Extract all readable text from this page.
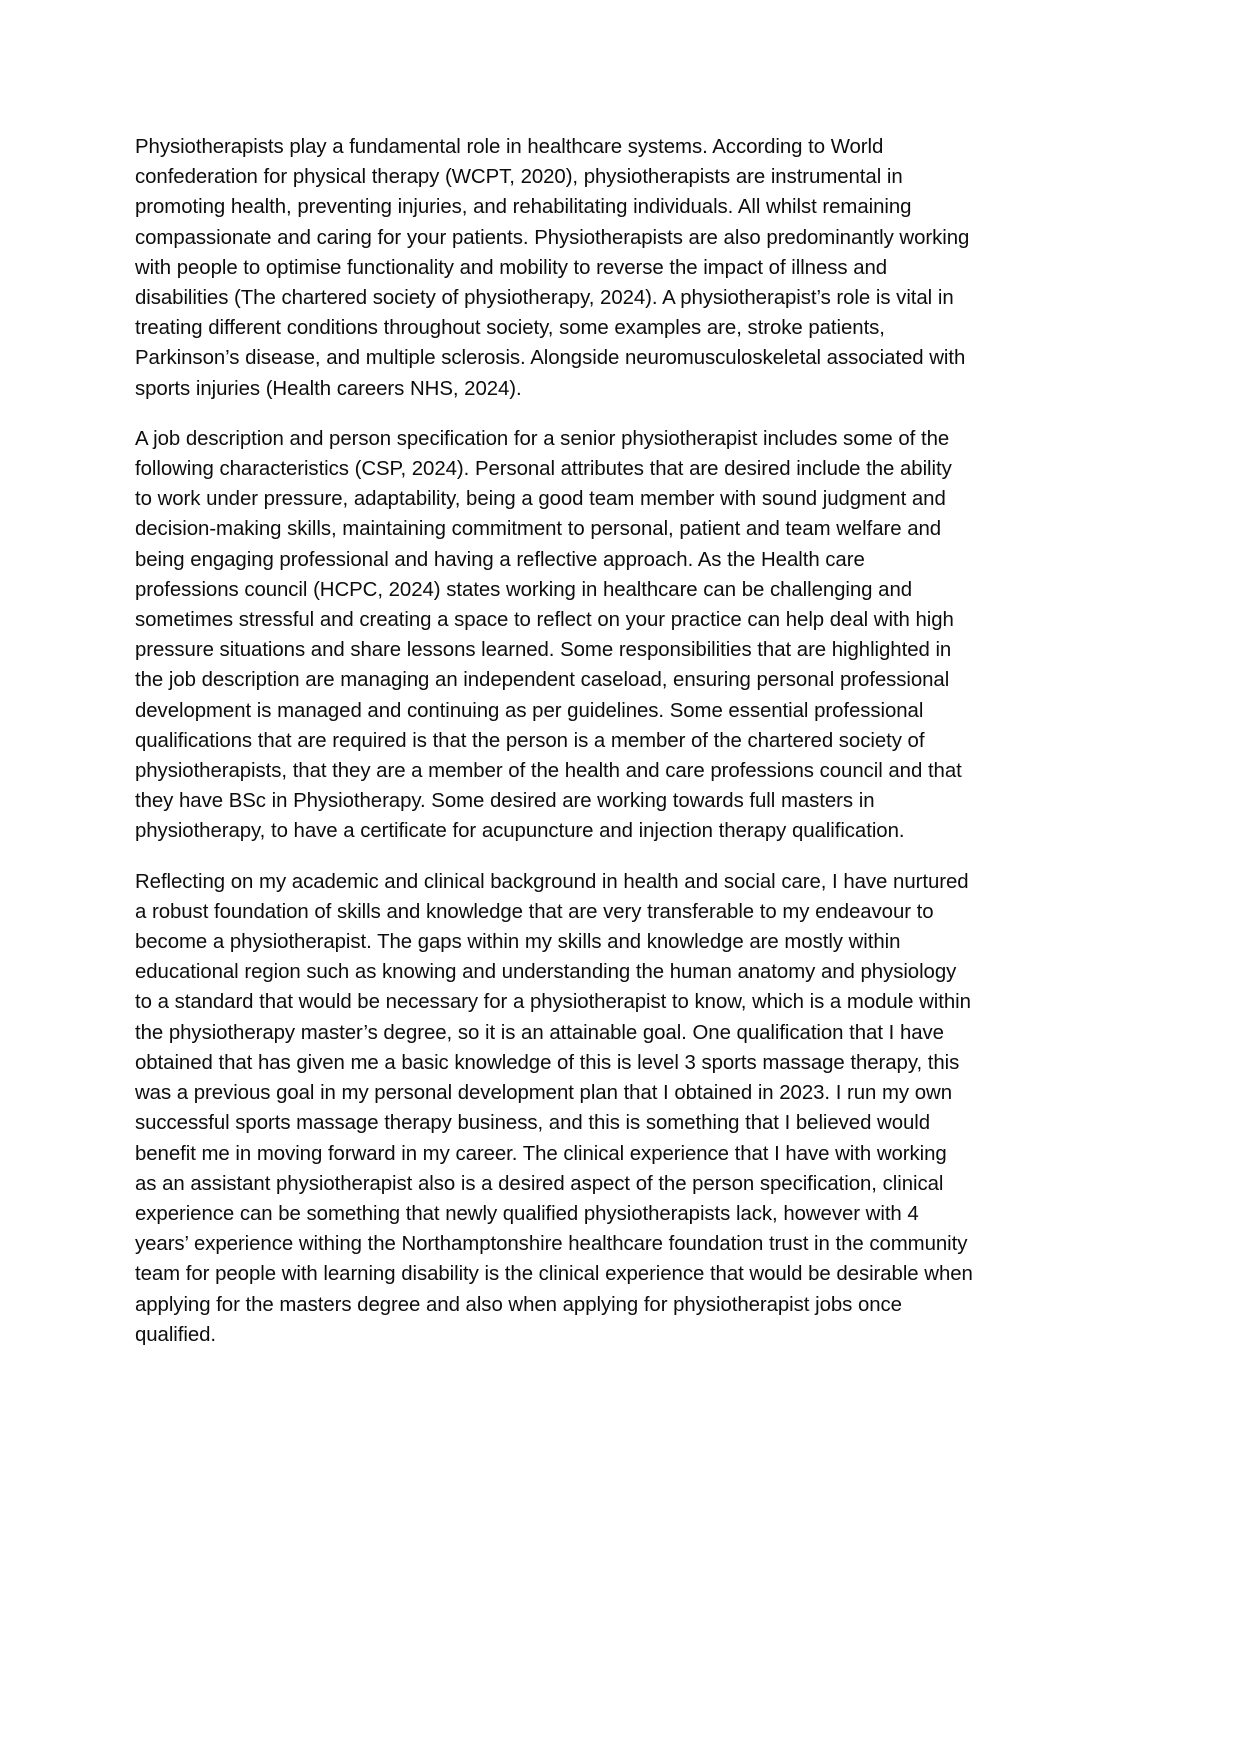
Physiotherapists play a fundamental role in healthcare systems. According to World confederation for physical therapy (WCPT, 2020), physiotherapists are instrumental in promoting health, preventing injuries, and rehabilitating individuals. All whilst remaining compassionate and caring for your patients. Physiotherapists are also predominantly working with people to optimise functionality and mobility to reverse the impact of illness and disabilities (The chartered society of physiotherapy, 2024). A physiotherapist’s role is vital in treating different conditions throughout society, some examples are, stroke patients, Parkinson’s disease, and multiple sclerosis. Alongside neuromusculoskeletal associated with sports injuries (Health careers NHS, 2024).

A job description and person specification for a senior physiotherapist includes some of the following characteristics (CSP, 2024). Personal attributes that are desired include the ability to work under pressure, adaptability, being a good team member with sound judgment and decision-making skills, maintaining commitment to personal, patient and team welfare and being engaging professional and having a reflective approach. As the Health care professions council (HCPC, 2024) states working in healthcare can be challenging and sometimes stressful and creating a space to reflect on your practice can help deal with high pressure situations and share lessons learned. Some responsibilities that are highlighted in the job description are managing an independent caseload, ensuring personal professional development is managed and continuing as per guidelines. Some essential professional qualifications that are required is that the person is a member of the chartered society of physiotherapists, that they are a member of the health and care professions council and that they have BSc in Physiotherapy. Some desired are working towards full masters in physiotherapy, to have a certificate for acupuncture and injection therapy qualification.

Reflecting on my academic and clinical background in health and social care, I have nurtured a robust foundation of skills and knowledge that are very transferable to my endeavour to become a physiotherapist. The gaps within my skills and knowledge are mostly within educational region such as knowing and understanding the human anatomy and physiology to a standard that would be necessary for a physiotherapist to know, which is a module within the physiotherapy master’s degree, so it is an attainable goal. One qualification that I have obtained that has given me a basic knowledge of this is level 3 sports massage therapy, this was a previous goal in my personal development plan that I obtained in 2023. I run my own successful sports massage therapy business, and this is something that I believed would benefit me in moving forward in my career. The clinical experience that I have with working as an assistant physiotherapist also is a desired aspect of the person specification, clinical experience can be something that newly qualified physiotherapists lack, however with 4 years’ experience withing the Northamptonshire healthcare foundation trust in the community team for people with learning disability is the clinical experience that would be desirable when applying for the masters degree and also when applying for physiotherapist jobs once qualified.
